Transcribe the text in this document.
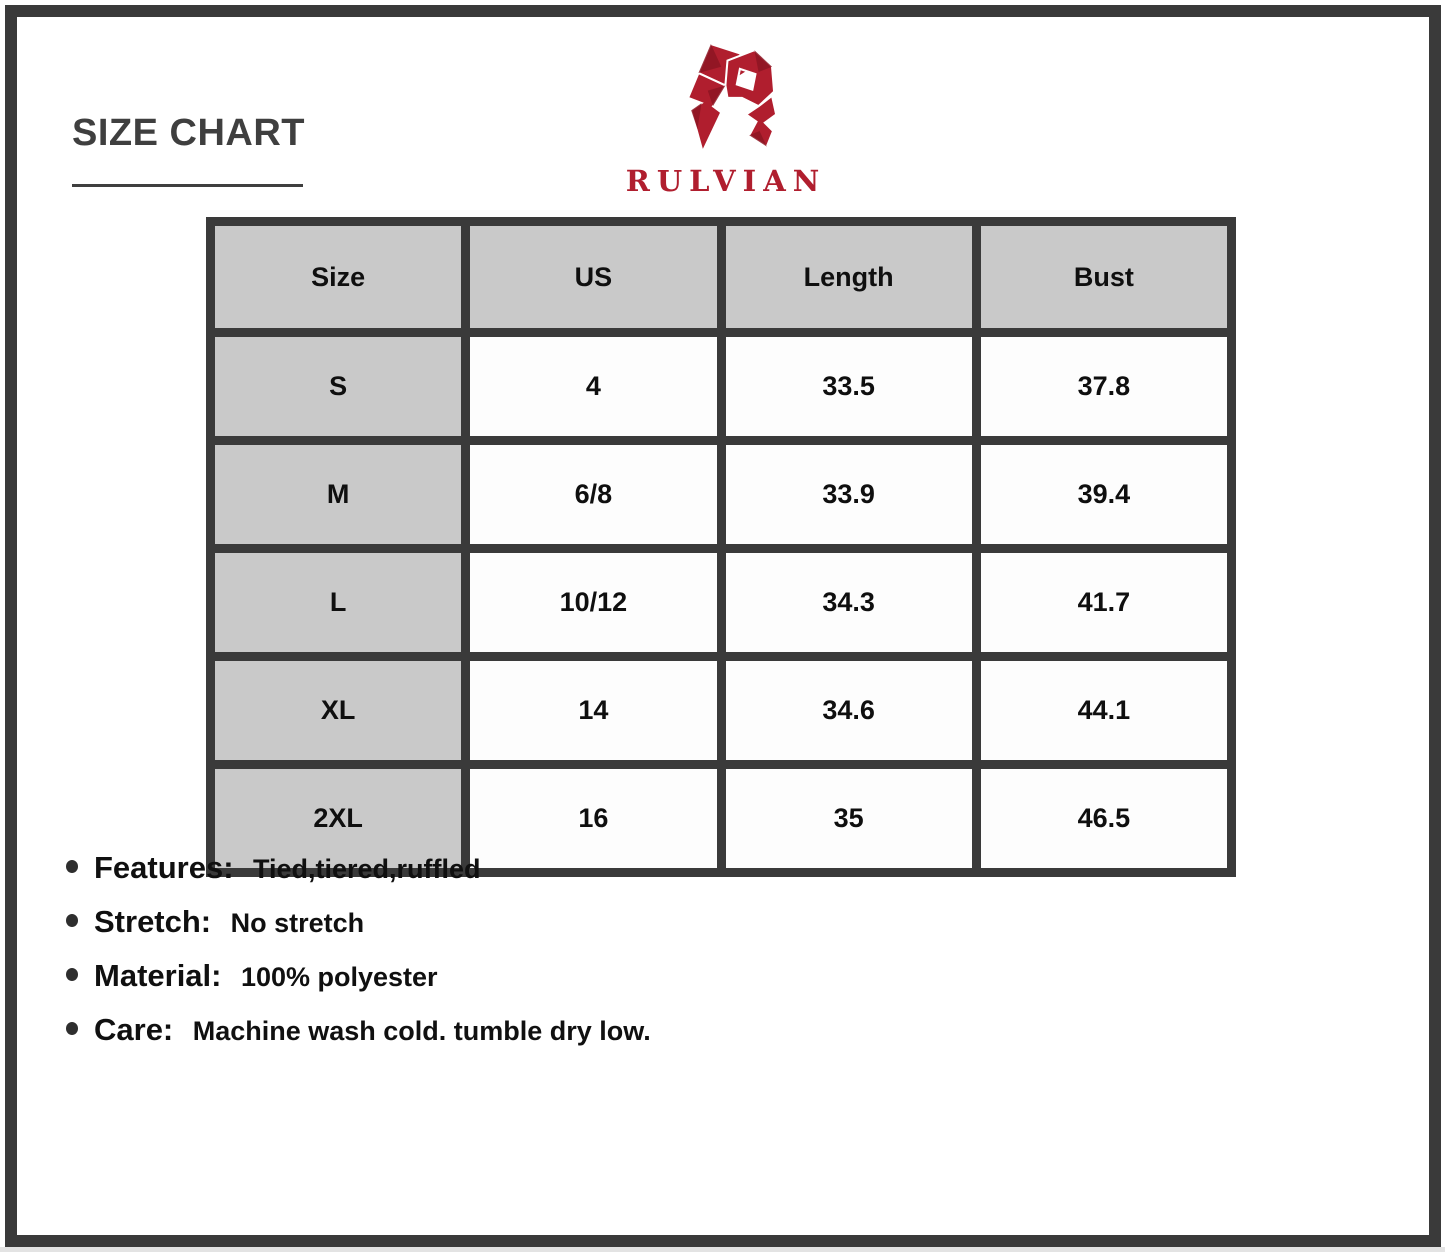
SIZE CHART
RULVIAN
Size	US	Length	Bust
S	4	33.5	37.8
M	6/8	33.9	39.4
L	10/12	34.3	41.7
XL	14	34.6	44.1
2XL	16	35	46.5
Features: Tied,tiered,ruffled
Stretch: No stretch
Material: 100% polyester
Care: Machine wash cold. tumble dry low.
